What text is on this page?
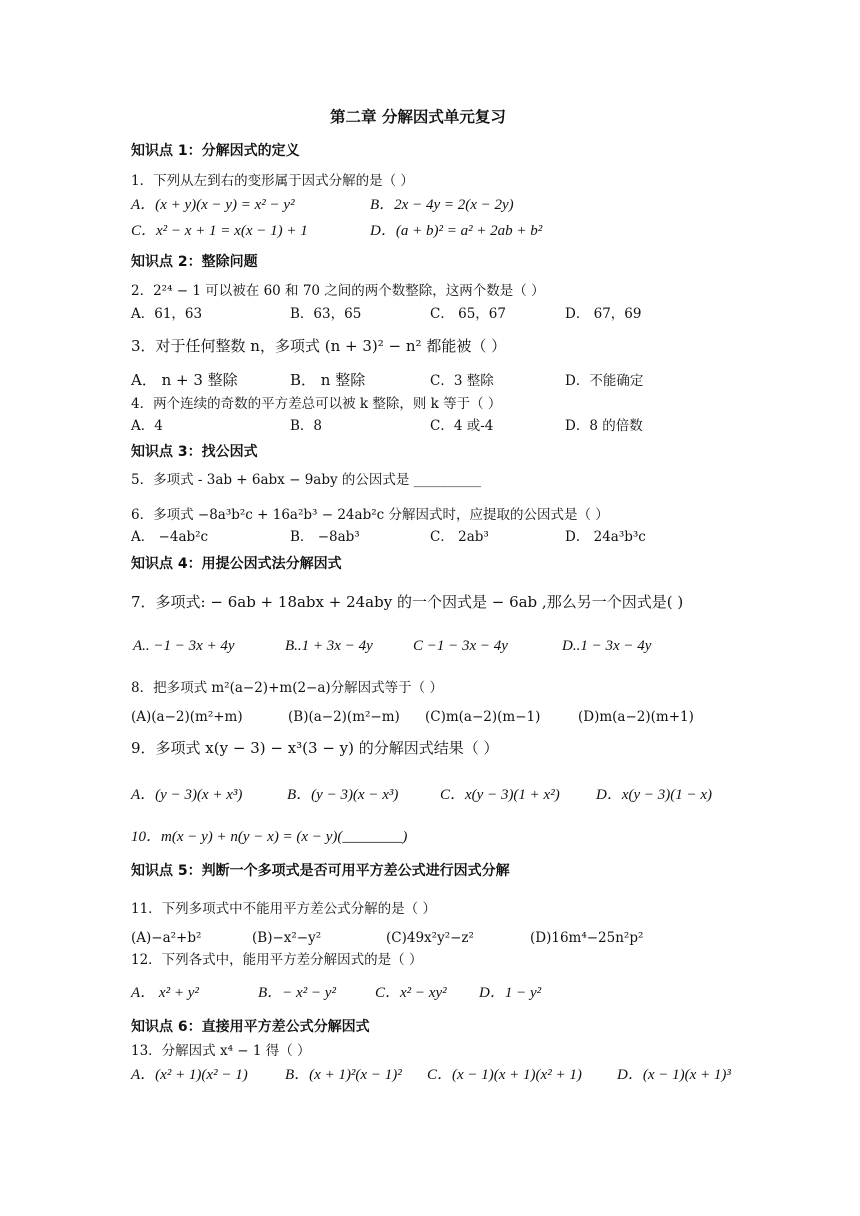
第二章 分解因式单元复习
知识点 1：分解因式的定义
1．下列从左到右的变形属于因式分解的是（ ）
A．(x + y)(x − y) = x² − y²	B．2x − 4y = 2(x − 2y)
C．x² − x + 1 = x(x − 1) + 1	D．(a + b)² = a² + 2ab + b²
知识点 2：整除问题
2．2²⁴ − 1 可以被在 60 和 70 之间的两个数整除，这两个数是（ ）
A．61，63	B．63，65	C． 65，67	D． 67，69
3．对于任何整数 n，多项式 (n + 3)² − n² 都能被（ ）
A． n + 3 整除	B． n 整除	C．3 整除	D．不能确定
4．两个连续的奇数的平方差总可以被 k 整除，则 k 等于（ ）
A．4	B．8	C．4 或-4	D．8 的倍数
知识点 3：找公因式
5．多项式 - 3ab + 6abx − 9aby 的公因式是 __________
6．多项式 −8a³b²c + 16a²b³ − 24ab²c 分解因式时，应提取的公因式是（ ）
A． −4ab²c	B． −8ab³	C． 2ab³	D． 24a³b³c
知识点 4：用提公因式法分解因式
7．多项式: − 6ab + 18abx + 24aby 的一个因式是 − 6ab ,那么另一个因式是( )
A.. −1 − 3x + 4y	B..1 + 3x − 4y	C −1 − 3x − 4y	D..1 − 3x − 4y
8．把多项式 m²(a−2)+m(2−a)分解因式等于（ ）
(A)(a−2)(m²+m)	(B)(a−2)(m²−m) (C)m(a−2)(m−1)	(D)m(a−2)(m+1)
9．多项式 x(y − 3) − x³(3 − y) 的分解因式结果（ ）
A．(y − 3)(x + x³)	B．(y − 3)(x − x³)	C．x(y − 3)(1 + x²) D．x(y − 3)(1 − x)
10．m(x − y) + n(y − x) = (x − y)(________)
知识点 5：判断一个多项式是否可用平方差公式进行因式分解
11．下列多项式中不能用平方差公式分解的是（ ）
(A)−a²+b²	(B)−x²−y²	(C)49x²y²−z²	(D)16m⁴−25n²p²
12．下列各式中，能用平方差分解因式的是（ ）
A． x² + y²	B．− x² − y²	C．x² − xy² D．1 − y²
知识点 6：直接用平方差公式分解因式
13．分解因式 x⁴ − 1 得（ ）
A．(x² + 1)(x² − 1) B．(x + 1)²(x − 1)² C．(x − 1)(x + 1)(x² + 1) D．(x − 1)(x + 1)³
